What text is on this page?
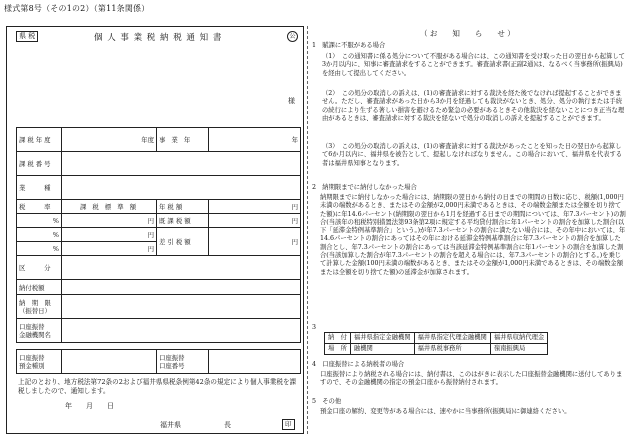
様式第8号（その1の2）（第11条関係）
県 税	個 人 事 業 税 納 税 通 知 書	公
様
課税年度	年度	事 業 年	年
課税番号			
業　　種			
税　　率	課 税 標 準 額	年 税 額	円
%	円	既 課 税 額	円
%	円	差 引 税 額	円
%	円		
区　　分			
納付税額			
納　期　限
（振替日）			
口座振替
金融機関名			

口座振替
預金種別		口座振替
口座番号	
上記のとおり、地方税法第72条の2および福井県県税条例第42条の規定により個人事業税を課税しましたので、通知します。
年　　月　　日
福井県	長	印
（ お　　知　　ら　　せ ）
1　賦課に不服がある場合
（1）　この通知書に係る処分について不服がある場合には、この通知書を受け取った日の翌日から起算して3か月以内に、知事に審査請求をすることができます。審査請求書(正副2通)は、なるべく当事務所(振興局)を経由して提出してください。
（2）　この処分の取消しの訴えは、(1)の審査請求に対する裁決を経た後でなければ提起することができません。ただし、審査請求があった日から3か月を経過しても裁決がないとき、処分、処分の執行または手続の続行により生ずる著しい損害を避けるため緊急の必要があるときその他裁決を経ないことにつき正当な理由があるときは、審査請求に対する裁決を経ないで処分の取消しの訴えを提起することができます。
（3）　この処分の取消しの訴えは、(1)の審査請求に対する裁決があったことを知った日の翌日から起算して6か月以内に、福井県を被告として、提起しなければなりません。この場合において、福井県を代表する者は福井県知事となります。
2　納期限までに納付しなかった場合
納期限までに納付しなかった場合には、納期限の翌日から納付の日までの期間の日数に応じ、税額(1,000円未満の端数があるとき、またはその金額が2,000円未満であるときは、その端数金額または全額を切り捨てた額)に年14.6パーセント(納期限の翌日から1月を経過する日までの期間については、年7.3パーセント)の割合(当該年の租税特別措置法第93条第2項に規定する平均貸付割合に年1パーセントの割合を加算した割合(以下「延滞金特例基準割合」という。)が年7.3パーセントの割合に満たない場合には、その年中においては、年14.6パーセントの割合にあってはその年における延滞金特例基準割合に年7.3パーセントの割合を加算した割合とし、年7.3パーセントの割合にあっては当該延滞金特例基準割合に年1パーセントの割合を加算した割合(当該加算した割合が年7.3パーセントの割合を超える場合には、年7.3パーセントの割合)とする。)を乗じて計算した金額(100円未満の端数があるとき、またはその金額が1,000円未満であるときは、その端数金額または全額を切り捨てた額)の延滞金が加算されます。
3
納　付	福井県指定金融機関	福井県指定代理金融機関	福井県収納代理金
場　所	融機関	福井県税事務所	嶺南振興局
4　口座振替による納税者の場合
口座振替により納税される場合には、納付書は、このはがきに表示した口座振替金融機関に送付してありますので、その金融機関の指定の預金口座から振替納付されます。
5　その他
預金口座の解約、変更等がある場合には、速やかに当事務所(振興局)に御連絡ください。
